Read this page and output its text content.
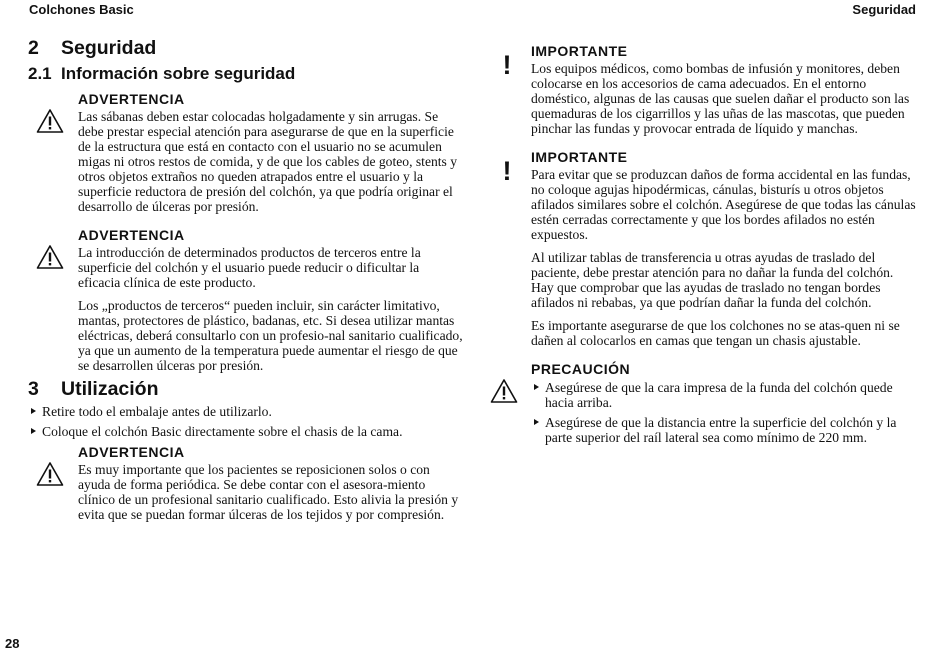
Colchones Basic	Seguridad
2 Seguridad
2.1 Información sobre seguridad
ADVERTENCIA

Las sábanas deben estar colocadas holgadamente y sin arrugas. Se debe prestar especial atención para asegurarse de que en la superficie de la estructura que está en contacto con el usuario no se acumulen migas ni otros restos de comida, y de que los cables de goteo, stents y otros objetos extraños no queden atrapados entre el usuario y la superficie reductora de presión del colchón, ya que podría originar el desarrollo de úlceras por presión.

ADVERTENCIA

La introducción de determinados productos de terceros entre la superficie del colchón y el usuario puede reducir o dificultar la eficacia clínica de este producto.

Los „productos de terceros“ pueden incluir, sin carácter limitativo, mantas, protectores de plástico, badanas, etc. Si desea utilizar mantas eléctricas, deberá consultarlo con un profesio-nal sanitario cualificado, ya que un aumento de la temperatura puede aumentar el riesgo de que se desarrollen úlceras por presión.

3 Utilización
Retire todo el embalaje antes de utilizarlo.
Coloque el colchón Basic directamente sobre el chasis de la cama.
ADVERTENCIA

Es muy importante que los pacientes se reposicionen solos o con ayuda de forma periódica. Se debe contar con el asesora-miento clínico de un profesional sanitario cualificado. Esto alivia la presión y evita que se puedan formar úlceras de los tejidos y por compresión.

!	IMPORTANTE

Los equipos médicos, como bombas de infusión y monitores, deben colocarse en los accesorios de cama adecuados. En el entorno doméstico, algunas de las causas que suelen dañar el producto son las quemaduras de los cigarrillos y las uñas de las mascotas, que pueden pinchar las fundas y provocar entrada de líquido y manchas.

!	IMPORTANTE

Para evitar que se produzcan daños de forma accidental en las fundas, no coloque agujas hipodérmicas, cánulas, bisturís u otros objetos afilados similares sobre el colchón. Asegúrese de que todas las cánulas estén cerradas correctamente y que los bordes afilados no estén expuestos.

Al utilizar tablas de transferencia u otras ayudas de traslado del paciente, debe prestar atención para no dañar la funda del colchón. Hay que comprobar que las ayudas de traslado no tengan bordes afilados ni rebabas, ya que podrían dañar la funda del colchón.

Es importante asegurarse de que los colchones no se atas-quen ni se dañen al colocarlos en camas que tengan un chasis ajustable.

PRECAUCIÓN
Asegúrese de que la cara impresa de la funda del colchón quede hacia arriba.
Asegúrese de que la distancia entre la superficie del colchón y la parte superior del raíl lateral sea como mínimo de 220 mm.
28
